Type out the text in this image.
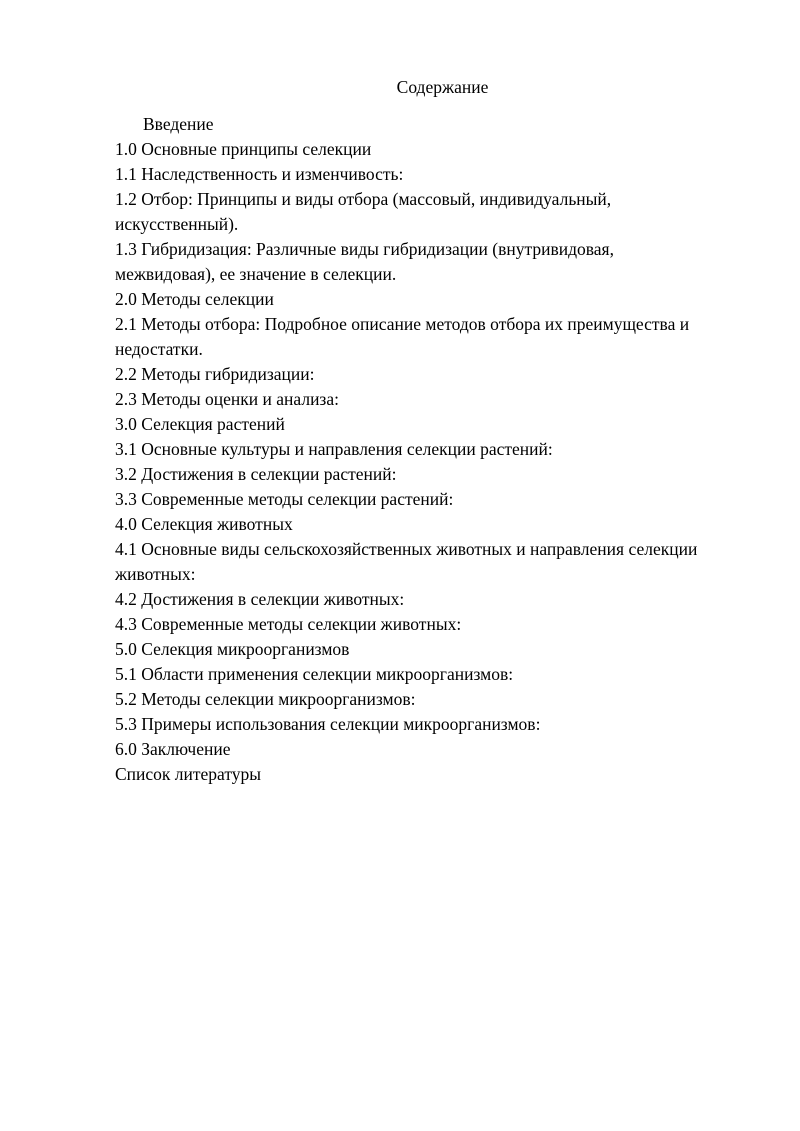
Содержание
Введение
1.0 Основные принципы селекции
1.1 Наследственность и изменчивость:
1.2 Отбор: Принципы и виды отбора (массовый, индивидуальный,
искусственный).
1.3 Гибридизация: Различные виды гибридизации (внутривидовая,
межвидовая), ее значение в селекции.
2.0 Методы селекции
2.1 Методы отбора: Подробное описание методов отбора их преимущества и
недостатки.
2.2 Методы гибридизации:
2.3 Методы оценки и анализа:
3.0 Селекция растений
3.1 Основные культуры и направления селекции растений:
3.2 Достижения в селекции растений:
3.3 Современные методы селекции растений:
4.0 Селекция животных
4.1 Основные виды сельскохозяйственных животных и направления селекции
животных:
4.2 Достижения в селекции животных:
4.3 Современные методы селекции животных:
5.0 Селекция микроорганизмов
5.1 Области применения селекции микроорганизмов:
5.2 Методы селекции микроорганизмов:
5.3 Примеры использования селекции микроорганизмов:
6.0 Заключение
Список литературы
